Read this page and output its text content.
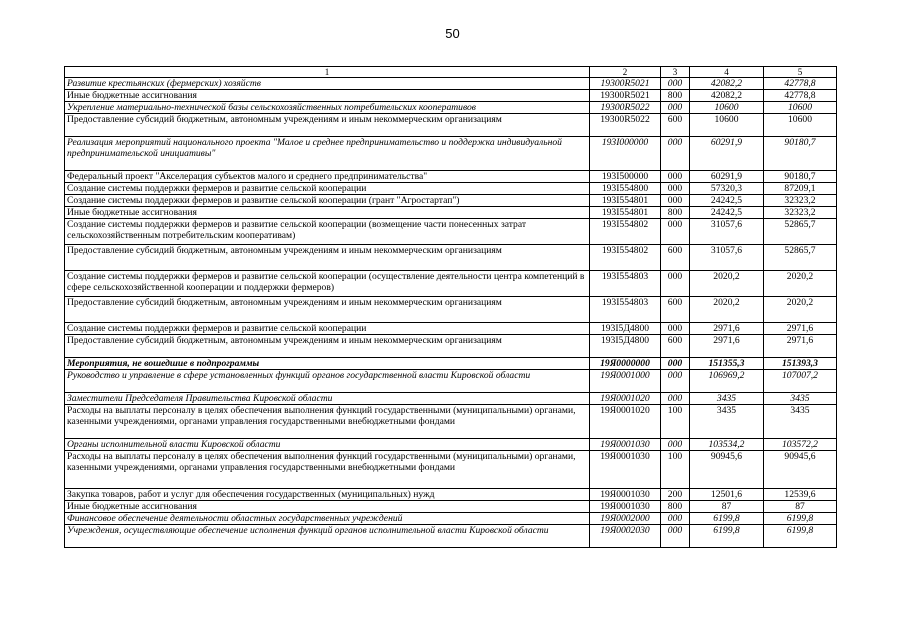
50
1	2	3	4	5
Развитие крестьянских (фермерских) хозяйств	19300R5021	000	42082,2	42778,8
Иные бюджетные ассигнования	19300R5021	800	42082,2	42778,8
Укрепление материально-технической базы сельскохозяйственных потребительских кооперативов	19300R5022	000	10600	10600
Предоставление субсидий бюджетным, автономным учреждениям и иным некоммерческим организациям	19300R5022	600	10600	10600
Реализация мероприятий национального проекта "Малое и среднее предпринимательство и поддержка индивидуальной предпринимательской инициативы"	193I000000	000	60291,9	90180,7
Федеральный проект "Акселерация субъектов малого и среднего предпринимательства"	193I500000	000	60291,9	90180,7
Создание системы поддержки фермеров и развитие сельской кооперации	193I554800	000	57320,3	87209,1
Создание системы поддержки фермеров и развитие сельской кооперации (грант "Агростартап")	193I554801	000	24242,5	32323,2
Иные бюджетные ассигнования	193I554801	800	24242,5	32323,2
Создание системы поддержки фермеров и развитие сельской кооперации (возмещение части понесенных затрат сельскохозяйственным потребительским кооперативам)	193I554802	000	31057,6	52865,7
Предоставление субсидий бюджетным, автономным учреждениям и иным некоммерческим организациям	193I554802	600	31057,6	52865,7
Создание системы поддержки фермеров и развитие сельской кооперации (осуществление деятельности центра компетенций в сфере сельскохозяйственной кооперации и поддержки фермеров)	193I554803	000	2020,2	2020,2
Предоставление субсидий бюджетным, автономным учреждениям и иным некоммерческим организациям	193I554803	600	2020,2	2020,2
Создание системы поддержки фермеров и развитие сельской кооперации	193I5Д4800	000	2971,6	2971,6
Предоставление субсидий бюджетным, автономным учреждениям и иным некоммерческим организациям	193I5Д4800	600	2971,6	2971,6
Мероприятия, не вошедшие в подпрограммы	19Я0000000	000	151355,3	151393,3
Руководство и управление в сфере установленных функций органов государственной власти Кировской области	19Я0001000	000	106969,2	107007,2
Заместители Председателя Правительства Кировской области	19Я0001020	000	3435	3435
Расходы на выплаты персоналу в целях обеспечения выполнения функций государственными (муниципальными) органами, казенными учреждениями, органами управления государственными внебюджетными фондами	19Я0001020	100	3435	3435
Органы исполнительной власти Кировской области	19Я0001030	000	103534,2	103572,2
Расходы на выплаты персоналу в целях обеспечения выполнения функций государственными (муниципальными) органами, казенными учреждениями, органами управления государственными внебюджетными фондами	19Я0001030	100	90945,6	90945,6
Закупка товаров, работ и услуг для обеспечения государственных (муниципальных) нужд	19Я0001030	200	12501,6	12539,6
Иные бюджетные ассигнования	19Я0001030	800	87	87
Финансовое обеспечение деятельности областных государственных учреждений	19Я0002000	000	6199,8	6199,8
Учреждения, осуществляющие обеспечение исполнения функций органов исполнительной власти Кировской области	19Я0002030	000	6199,8	6199,8
